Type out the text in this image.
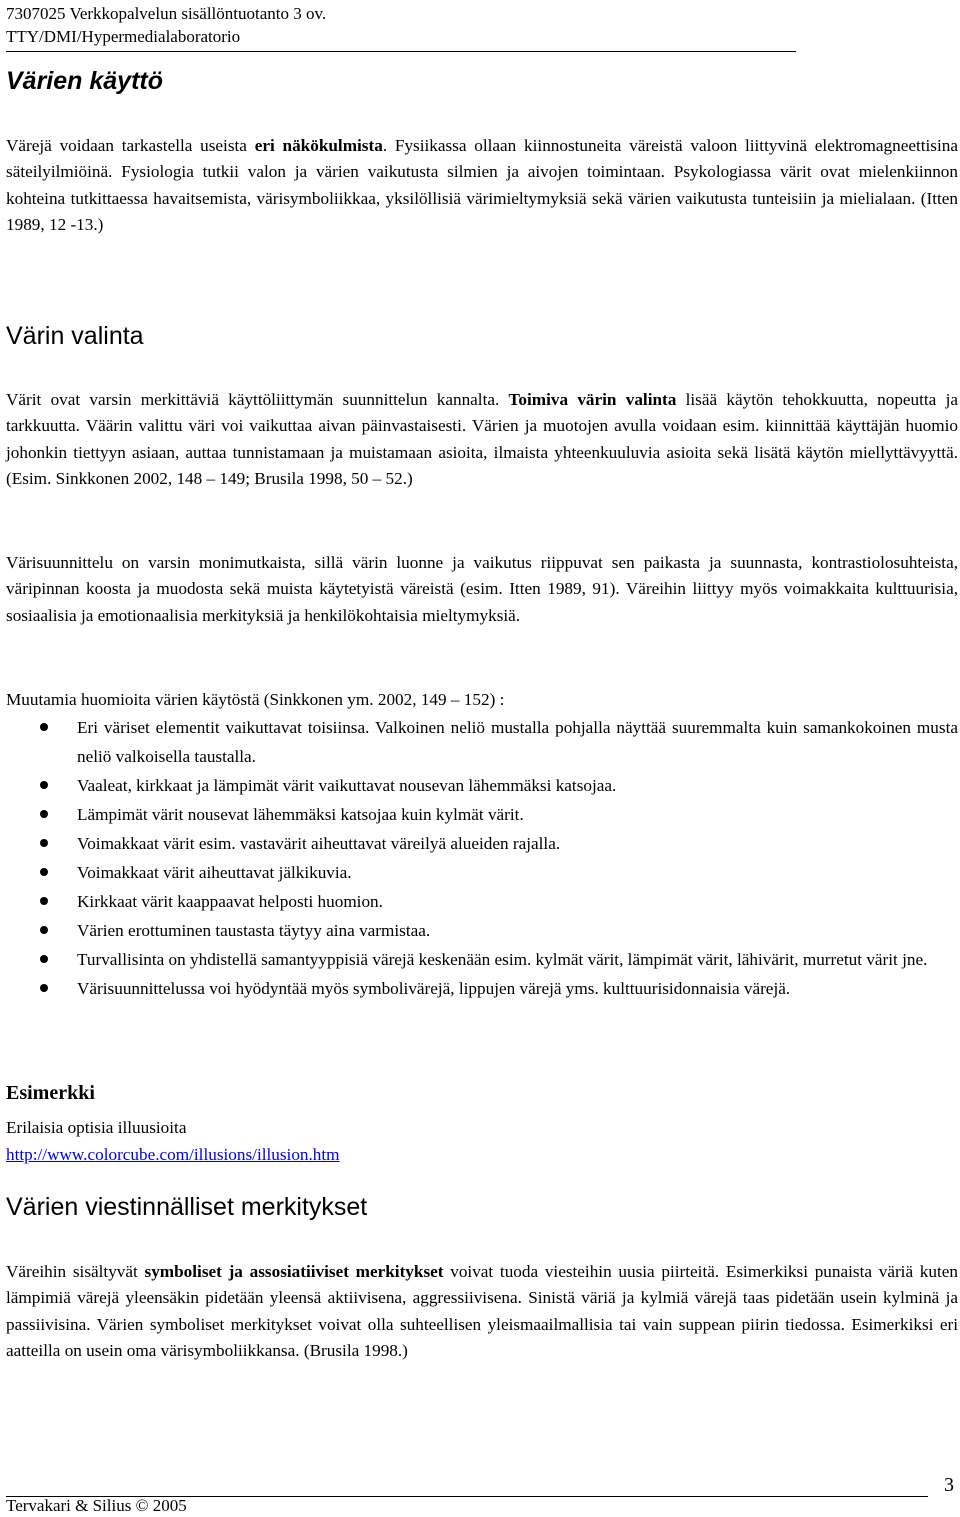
7307025 Verkkopalvelun sisällöntuotanto 3 ov.
TTY/DMI/Hypermedialaboratorio
Värien käyttö

Värejä voidaan tarkastella useista eri näkökulmista. Fysiikassa ollaan kiinnostuneita väreistä valoon liittyvinä elektromagneettisina säteilyilmiöinä. Fysiologia tutkii valon ja värien vaikutusta silmien ja aivojen toimintaan. Psykologiassa värit ovat mielenkiinnon kohteina tutkittaessa havaitsemista, värisymboliikkaa, yksilöllisiä värimieltymyksiä sekä värien vaikutusta tunteisiin ja mielialaan. (Itten 1989, 12 -13.)

Värin valinta

Värit ovat varsin merkittäviä käyttöliittymän suunnittelun kannalta. Toimiva värin valinta lisää käytön tehokkuutta, nopeutta ja tarkkuutta. Väärin valittu väri voi vaikuttaa aivan päinvastaisesti. Värien ja muotojen avulla voidaan esim. kiinnittää käyttäjän huomio johonkin tiettyyn asiaan, auttaa tunnistamaan ja muistamaan asioita, ilmaista yhteenkuuluvia asioita sekä lisätä käytön miellyttävyyttä. (Esim. Sinkkonen 2002, 148 – 149; Brusila 1998, 50 – 52.)

Värisuunnittelu on varsin monimutkaista, sillä värin luonne ja vaikutus riippuvat sen paikasta ja suunnasta, kontrastiolosuhteista, väripinnan koosta ja muodosta sekä muista käytetyistä väreistä (esim. Itten 1989, 91). Väreihin liittyy myös voimakkaita kulttuurisia, sosiaalisia ja emotionaalisia merkityksiä ja henkilökohtaisia mieltymyksiä.

Muutamia huomioita värien käytöstä (Sinkkonen ym. 2002, 149 – 152) :

Eri väriset elementit vaikuttavat toisiinsa. Valkoinen neliö mustalla pohjalla näyttää suuremmalta kuin samankokoinen musta neliö valkoisella taustalla.
Vaaleat, kirkkaat ja lämpimät värit vaikuttavat nousevan lähemmäksi katsojaa.
Lämpimät värit nousevat lähemmäksi katsojaa kuin kylmät värit.
Voimakkaat värit esim. vastavärit aiheuttavat väreilyä alueiden rajalla.
Voimakkaat värit aiheuttavat jälkikuvia.
Kirkkaat värit kaappaavat helposti huomion.
Värien erottuminen taustasta täytyy aina varmistaa.
Turvallisinta on yhdistellä samantyyppisiä värejä keskenään esim. kylmät värit, lämpimät värit, lähivärit, murretut värit jne.
Värisuunnittelussa voi hyödyntää myös symbolivärejä, lippujen värejä yms. kulttuurisidonnaisia värejä.
Esimerkki

Erilaisia optisia illuusioita

http://www.colorcube.com/illusions/illusion.htm

Värien viestinnälliset merkitykset

Väreihin sisältyvät symboliset ja assosiatiiviset merkitykset voivat tuoda viesteihin uusia piirteitä. Esimerkiksi punaista väriä kuten lämpimiä värejä yleensäkin pidetään yleensä aktiivisena, aggressiivisena. Sinistä väriä ja kylmiä värejä taas pidetään usein kylminä ja passiivisina. Värien symboliset merkitykset voivat olla suhteellisen yleismaailmallisia tai vain suppean piirin tiedossa. Esimerkiksi eri aatteilla on usein oma värisymboliikkansa. (Brusila 1998.)

3
Tervakari & Silius © 2005
